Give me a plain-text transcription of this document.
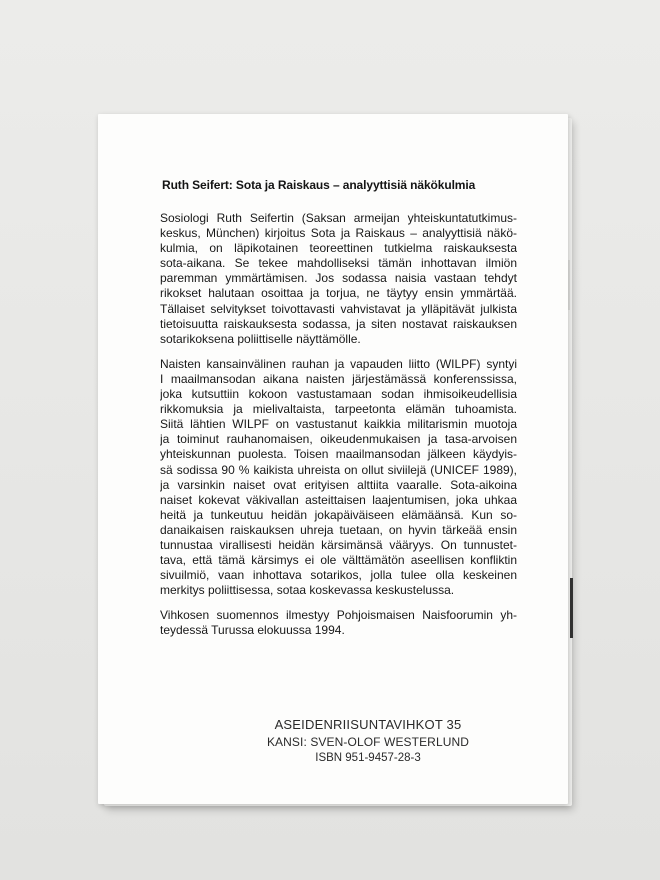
Ruth Seifert: Sota ja Raiskaus – analyyttisiä näkökulmia

Sosiologi Ruth Seifertin (Saksan armeijan yhteiskuntatutkimus-
keskus, München) kirjoitus Sota ja Raiskaus – analyyttisiä näkö-
kulmia, on läpikotainen teoreettinen tutkielma raiskauksesta
sota-aikana. Se tekee mahdolliseksi tämän inhottavan ilmiön
paremman ymmärtämisen. Jos sodassa naisia vastaan tehdyt
rikokset halutaan osoittaa ja torjua, ne täytyy ensin ymmärtää.
Tällaiset selvitykset toivottavasti vahvistavat ja ylläpitävät julkista
tietoisuutta raiskauksesta sodassa, ja siten nostavat raiskauksen
sotarikoksena poliittiselle näyttämölle.

Naisten kansainvälinen rauhan ja vapauden liitto (WILPF) syntyi
I maailmansodan aikana naisten järjestämässä konferenssissa,
joka kutsuttiin kokoon vastustamaan sodan ihmisoikeudellisia
rikkomuksia ja mielivaltaista, tarpeetonta elämän tuhoamista.
Siitä lähtien WILPF on vastustanut kaikkia militarismin muotoja
ja toiminut rauhanomaisen, oikeudenmukaisen ja tasa-arvoisen
yhteiskunnan puolesta. Toisen maailmansodan jälkeen käydyis-
sä sodissa 90 % kaikista uhreista on ollut siviilejä (UNICEF 1989),
ja varsinkin naiset ovat erityisen alttiita vaaralle. Sota-aikoina
naiset kokevat väkivallan asteittaisen laajentumisen, joka uhkaa
heitä ja tunkeutuu heidän jokapäiväiseen elämäänsä. Kun so-
danaikaisen raiskauksen uhreja tuetaan, on hyvin tärkeää ensin
tunnustaa virallisesti heidän kärsimänsä vääryys. On tunnustet-
tava, että tämä kärsimys ei ole välttämätön aseellisen konfliktin
sivuilmiö, vaan inhottava sotarikos, jolla tulee olla keskeinen
merkitys poliittisessa, sotaa koskevassa keskustelussa.

Vihkosen suomennos ilmestyy Pohjoismaisen Naisfoorumin yh-
teydessä Turussa elokuussa 1994.

ASEIDENRIISUNTAVIHKOT 35
KANSI: SVEN-OLOF WESTERLUND
ISBN 951-9457-28-3
